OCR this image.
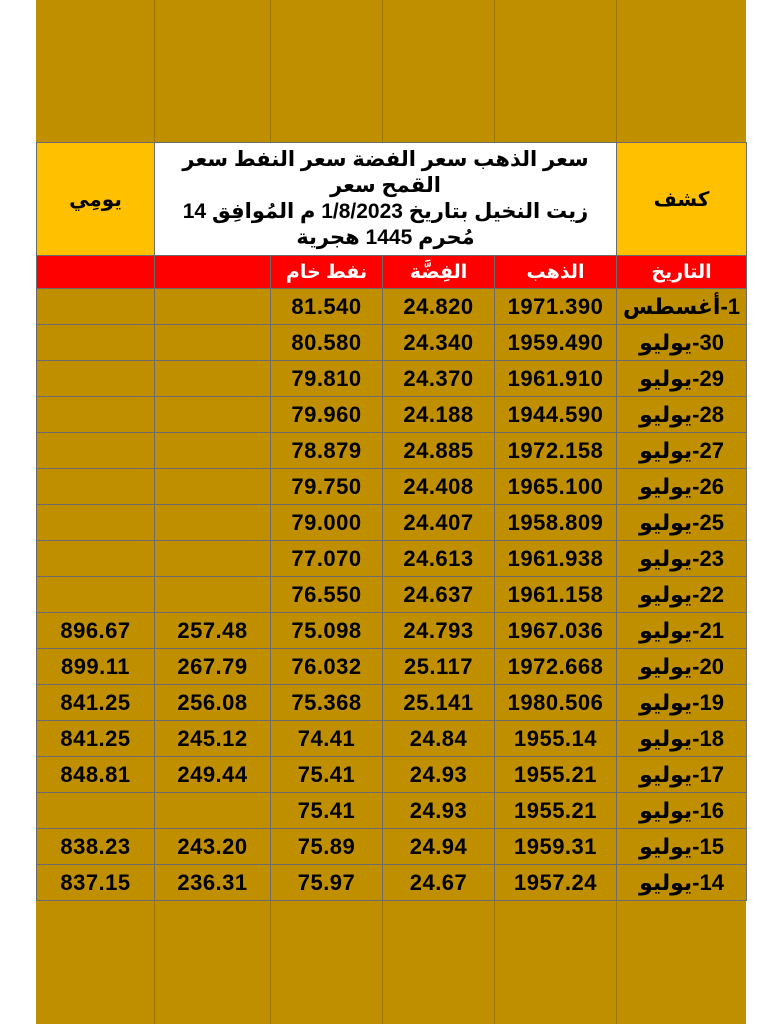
يومِي	سعر الذهب سعر الفضة سعر النفط سعر القمح سعر
زيت النخيل بتاريخ 1/8/2023 م المُوافِق 14
مُحرم 1445 هجرية				كشف
		نفط خام	الفِضَّة	الذهب	التاريخ
		81.540	24.820	1971.390	1-أغسطس
		80.580	24.340	1959.490	30-يوليو
		79.810	24.370	1961.910	29-يوليو
		79.960	24.188	1944.590	28-يوليو
		78.879	24.885	1972.158	27-يوليو
		79.750	24.408	1965.100	26-يوليو
		79.000	24.407	1958.809	25-يوليو
		77.070	24.613	1961.938	23-يوليو
		76.550	24.637	1961.158	22-يوليو
896.67	257.48	75.098	24.793	1967.036	21-يوليو
899.11	267.79	76.032	25.117	1972.668	20-يوليو
841.25	256.08	75.368	25.141	1980.506	19-يوليو
841.25	245.12	74.41	24.84	1955.14	18-يوليو
848.81	249.44	75.41	24.93	1955.21	17-يوليو
		75.41	24.93	1955.21	16-يوليو
838.23	243.20	75.89	24.94	1959.31	15-يوليو
837.15	236.31	75.97	24.67	1957.24	14-يوليو
